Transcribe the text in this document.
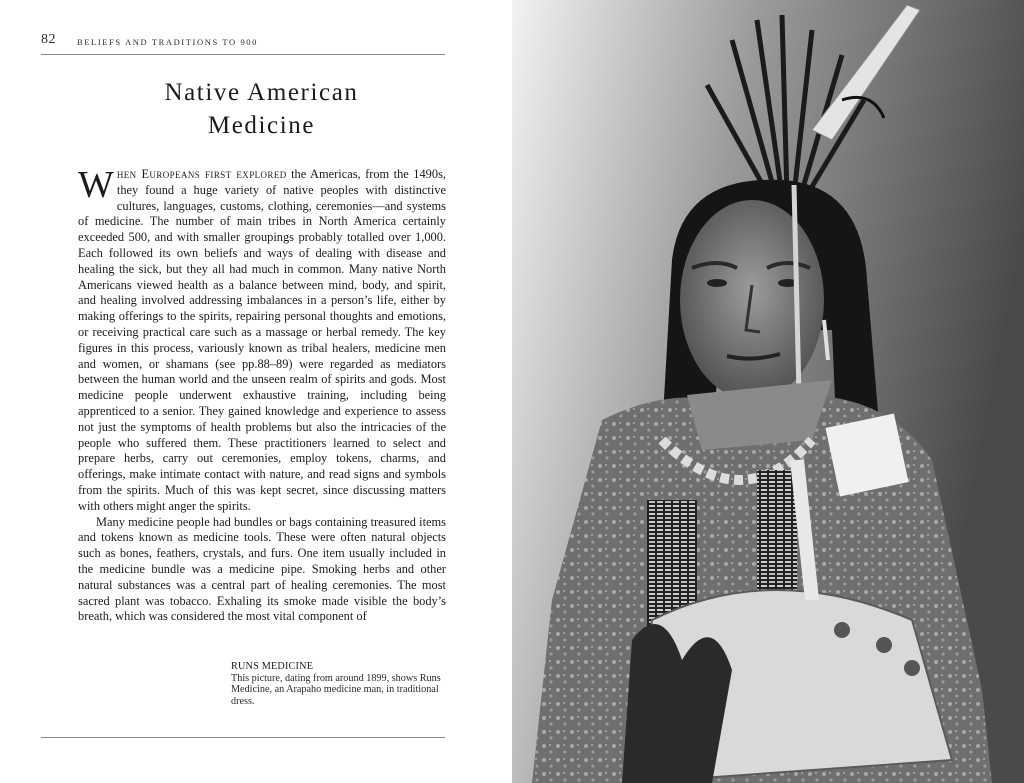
82 BELIEFS AND TRADITIONS TO 900
Native American
Medicine

When Europeans first explored the Americas, from the 1490s, they found a huge variety of native peoples with distinctive cultures, languages, customs, clothing, ceremonies—and systems of medicine. The number of main tribes in North America certainly exceeded 500, and with smaller groupings probably totalled over 1,000. Each followed its own beliefs and ways of dealing with disease and healing the sick, but they all had much in common. Many native North Americans viewed health as a balance between mind, body, and spirit, and healing involved addressing imbalances in a person’s life, either by making offerings to the spirits, repairing personal thoughts and emotions, or receiving practical care such as a massage or herbal remedy. The key figures in this process, variously known as tribal healers, medicine men and women, or shamans (see pp.88–89) were regarded as mediators between the human world and the unseen realm of spirits and gods. Most medicine people underwent exhaustive training, including being apprenticed to a senior. They gained knowledge and experience to assess not just the symptoms of health problems but also the intricacies of the people who suffered them. These practitioners learned to select and prepare herbs, carry out ceremonies, employ tokens, charms, and offerings, make intimate contact with nature, and read signs and symbols from the spirits. Much of this was kept secret, since discussing matters with others might anger the spirits.

Many medicine people had bundles or bags containing treasured items and tokens known as medicine tools. These were often natural objects such as bones, feathers, crystals, and furs. One item usually included in the medicine bundle was a medicine pipe. Smoking herbs and other natural substances was a central part of healing ceremonies. The most sacred plant was tobacco. Exhaling its smoke made visible the body’s breath, which was considered the most vital component of

RUNS MEDICINE
This picture, dating from around 1899, shows Runs Medicine, an Arapaho medicine man, in traditional dress.
